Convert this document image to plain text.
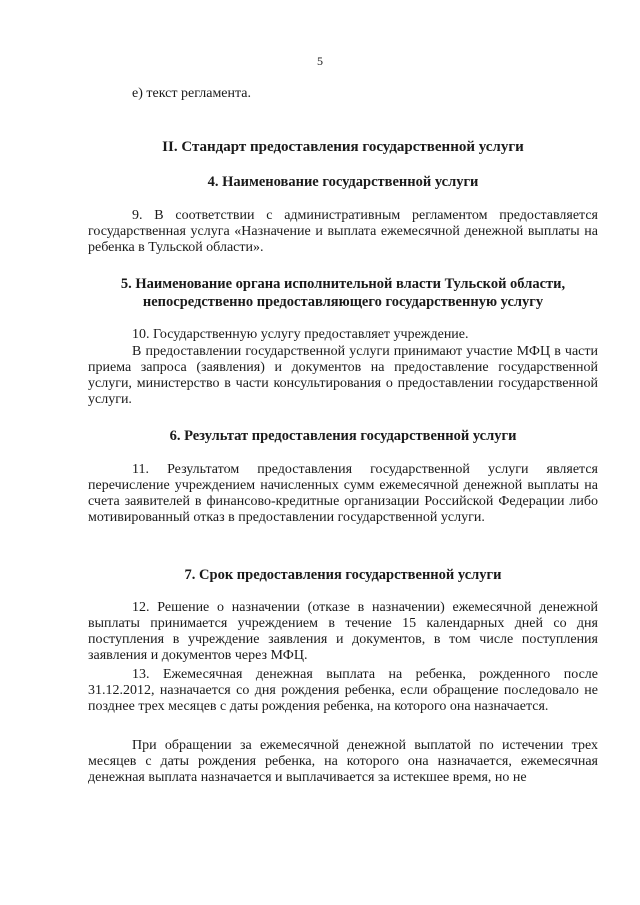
5

е) текст регламента.

II. Стандарт предоставления государственной услуги
4. Наименование государственной услуги

9. В соответствии с административным регламентом предоставляется государственная услуга «Назначение и выплата ежемесячной денежной выплаты на ребенка в Тульской области».

5. Наименование органа исполнительной власти Тульской области,
непосредственно предоставляющего государственную услугу

10. Государственную услугу предоставляет учреждение.

В предоставлении государственной услуги принимают участие МФЦ в части приема запроса (заявления) и документов на предоставление государственной услуги, министерство в части консультирования о предоставлении государственной услуги.

6. Результат предоставления государственной услуги

11. Результатом предоставления государственной услуги является перечисление учреждением начисленных сумм ежемесячной денежной выплаты на счета заявителей в финансово-кредитные организации Российской Федерации либо мотивированный отказ в предоставлении государственной услуги.

7. Срок предоставления государственной услуги

12. Решение о назначении (отказе в назначении) ежемесячной денежной выплаты принимается учреждением в течение 15 календарных дней со дня поступления в учреждение заявления и документов, в том числе поступления заявления и документов через МФЦ.

13. Ежемесячная денежная выплата на ребенка, рожденного после 31.12.2012, назначается со дня рождения ребенка, если обращение последовало не позднее трех месяцев с даты рождения ребенка, на которого она назначается.

При обращении за ежемесячной денежной выплатой по истечении трех месяцев с даты рождения ребенка, на которого она назначается, ежемесячная денежная выплата назначается и выплачивается за истекшее время, но не
